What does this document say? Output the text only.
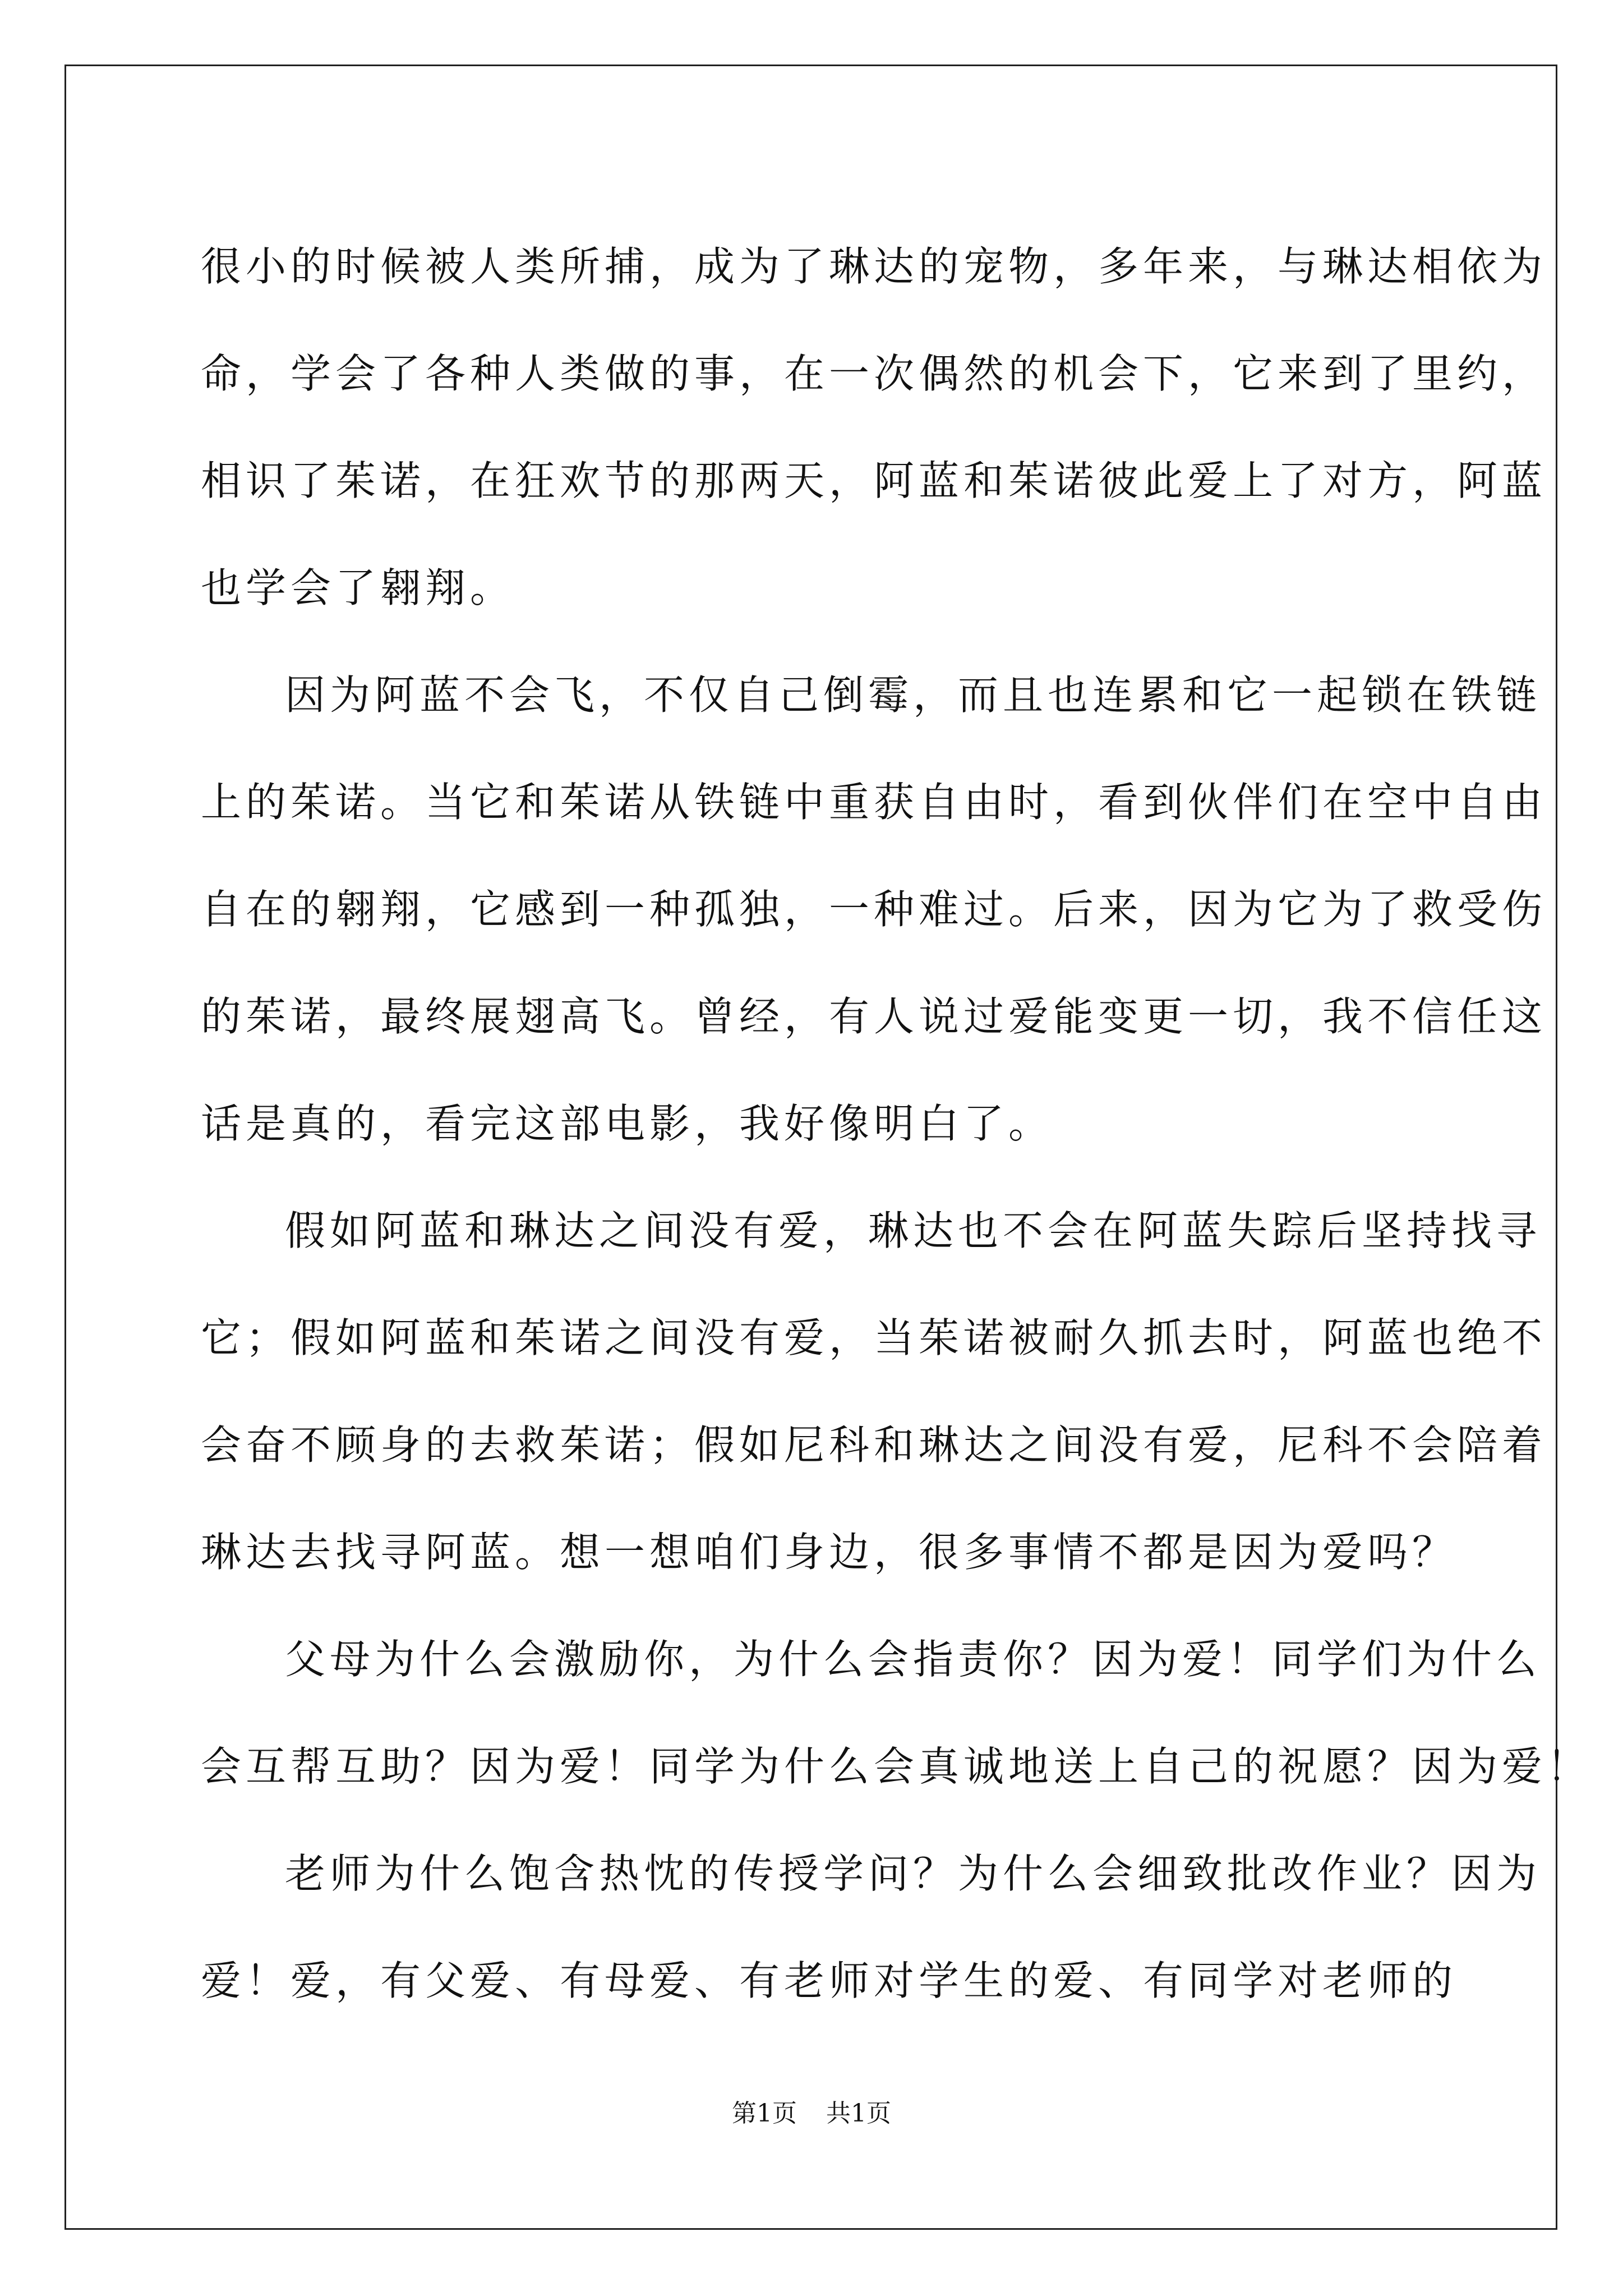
很小的时候被人类所捕，成为了琳达的宠物，多年来，与琳达相依为
命，学会了各种人类做的事，在一次偶然的机会下，它来到了里约，
相识了茱诺，在狂欢节的那两天，阿蓝和茱诺彼此爱上了对方，阿蓝
也学会了翱翔。
因为阿蓝不会飞，不仅自己倒霉，而且也连累和它一起锁在铁链
上的茱诺。当它和茱诺从铁链中重获自由时，看到伙伴们在空中自由
自在的翱翔，它感到一种孤独，一种难过。后来，因为它为了救受伤
的茱诺，最终展翅高飞。曾经，有人说过爱能变更一切，我不信任这
话是真的，看完这部电影，我好像明白了。
假如阿蓝和琳达之间没有爱，琳达也不会在阿蓝失踪后坚持找寻
它；假如阿蓝和茱诺之间没有爱，当茱诺被耐久抓去时，阿蓝也绝不
会奋不顾身的去救茱诺；假如尼科和琳达之间没有爱，尼科不会陪着
琳达去找寻阿蓝。想一想咱们身边，很多事情不都是因为爱吗？
父母为什么会激励你，为什么会指责你？因为爱！同学们为什么
会互帮互助？因为爱！同学为什么会真诚地送上自己的祝愿？因为爱！
老师为什么饱含热忱的传授学问？为什么会细致批改作业？因为
爱！爱，有父爱、有母爱、有老师对学生的爱、有同学对老师的
第1页 共1页
